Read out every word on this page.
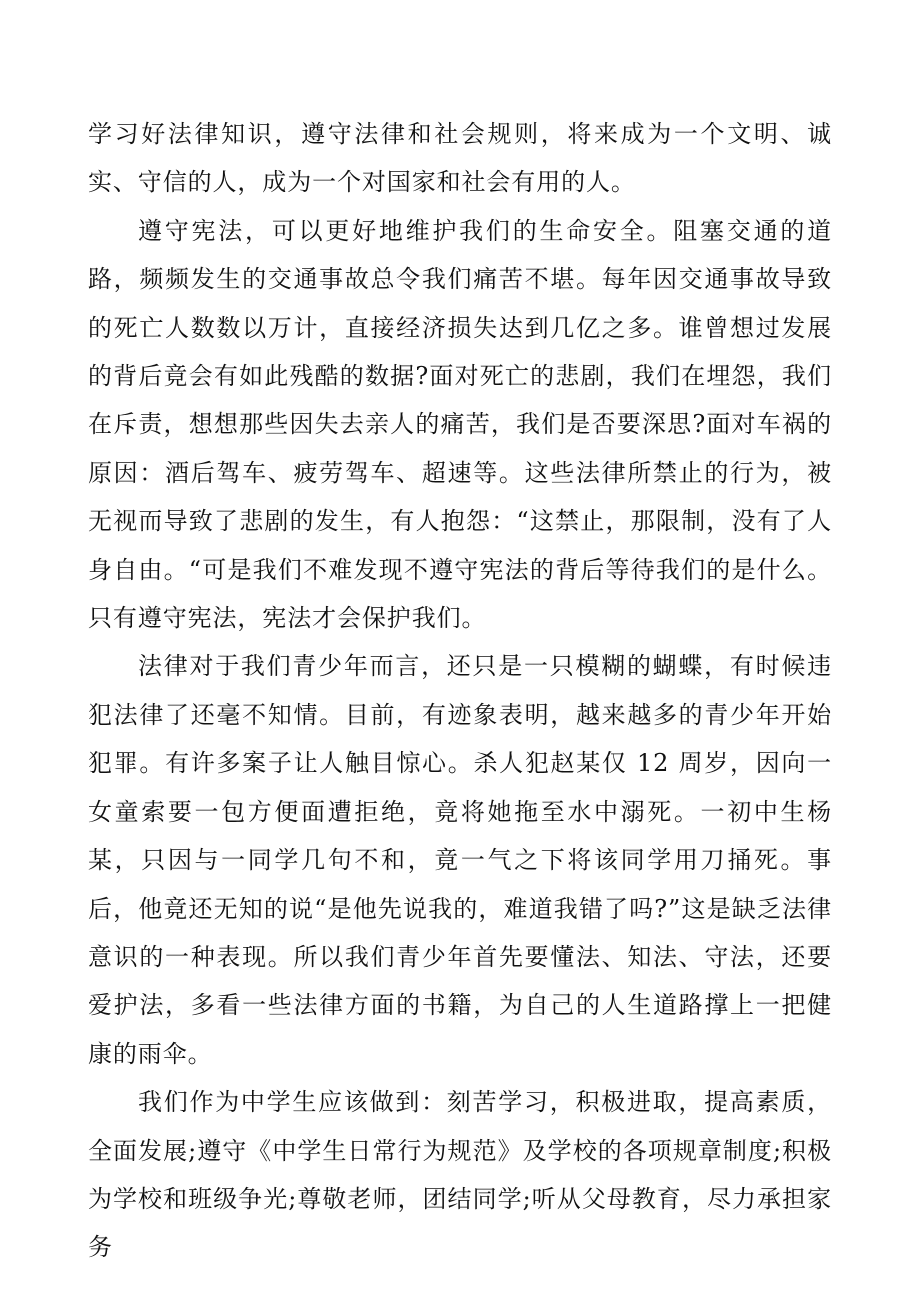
学习好法律知识，遵守法律和社会规则，将来成为一个文明、诚实、守信的人，成为一个对国家和社会有用的人。

遵守宪法，可以更好地维护我们的生命安全。阻塞交通的道路，频频发生的交通事故总令我们痛苦不堪。每年因交通事故导致的死亡人数数以万计，直接经济损失达到几亿之多。谁曾想过发展的背后竟会有如此残酷的数据?面对死亡的悲剧，我们在埋怨，我们在斥责，想想那些因失去亲人的痛苦，我们是否要深思?面对车祸的原因：酒后驾车、疲劳驾车、超速等。这些法律所禁止的行为，被无视而导致了悲剧的发生，有人抱怨：“这禁止，那限制，没有了人身自由。“可是我们不难发现不遵守宪法的背后等待我们的是什么。只有遵守宪法，宪法才会保护我们。

法律对于我们青少年而言，还只是一只模糊的蝴蝶，有时候违犯法律了还毫不知情。目前，有迹象表明，越来越多的青少年开始犯罪。有许多案子让人触目惊心。杀人犯赵某仅 12 周岁，因向一女童索要一包方便面遭拒绝，竟将她拖至水中溺死。一初中生杨某，只因与一同学几句不和，竟一气之下将该同学用刀捅死。事后，他竟还无知的说“是他先说我的，难道我错了吗?”这是缺乏法律意识的一种表现。所以我们青少年首先要懂法、知法、守法，还要爱护法，多看一些法律方面的书籍，为自己的人生道路撑上一把健康的雨伞。

我们作为中学生应该做到：刻苦学习，积极进取，提高素质，全面发展;遵守《中学生日常行为规范》及学校的各项规章制度;积极为学校和班级争光;尊敬老师，团结同学;听从父母教育，尽力承担家务
